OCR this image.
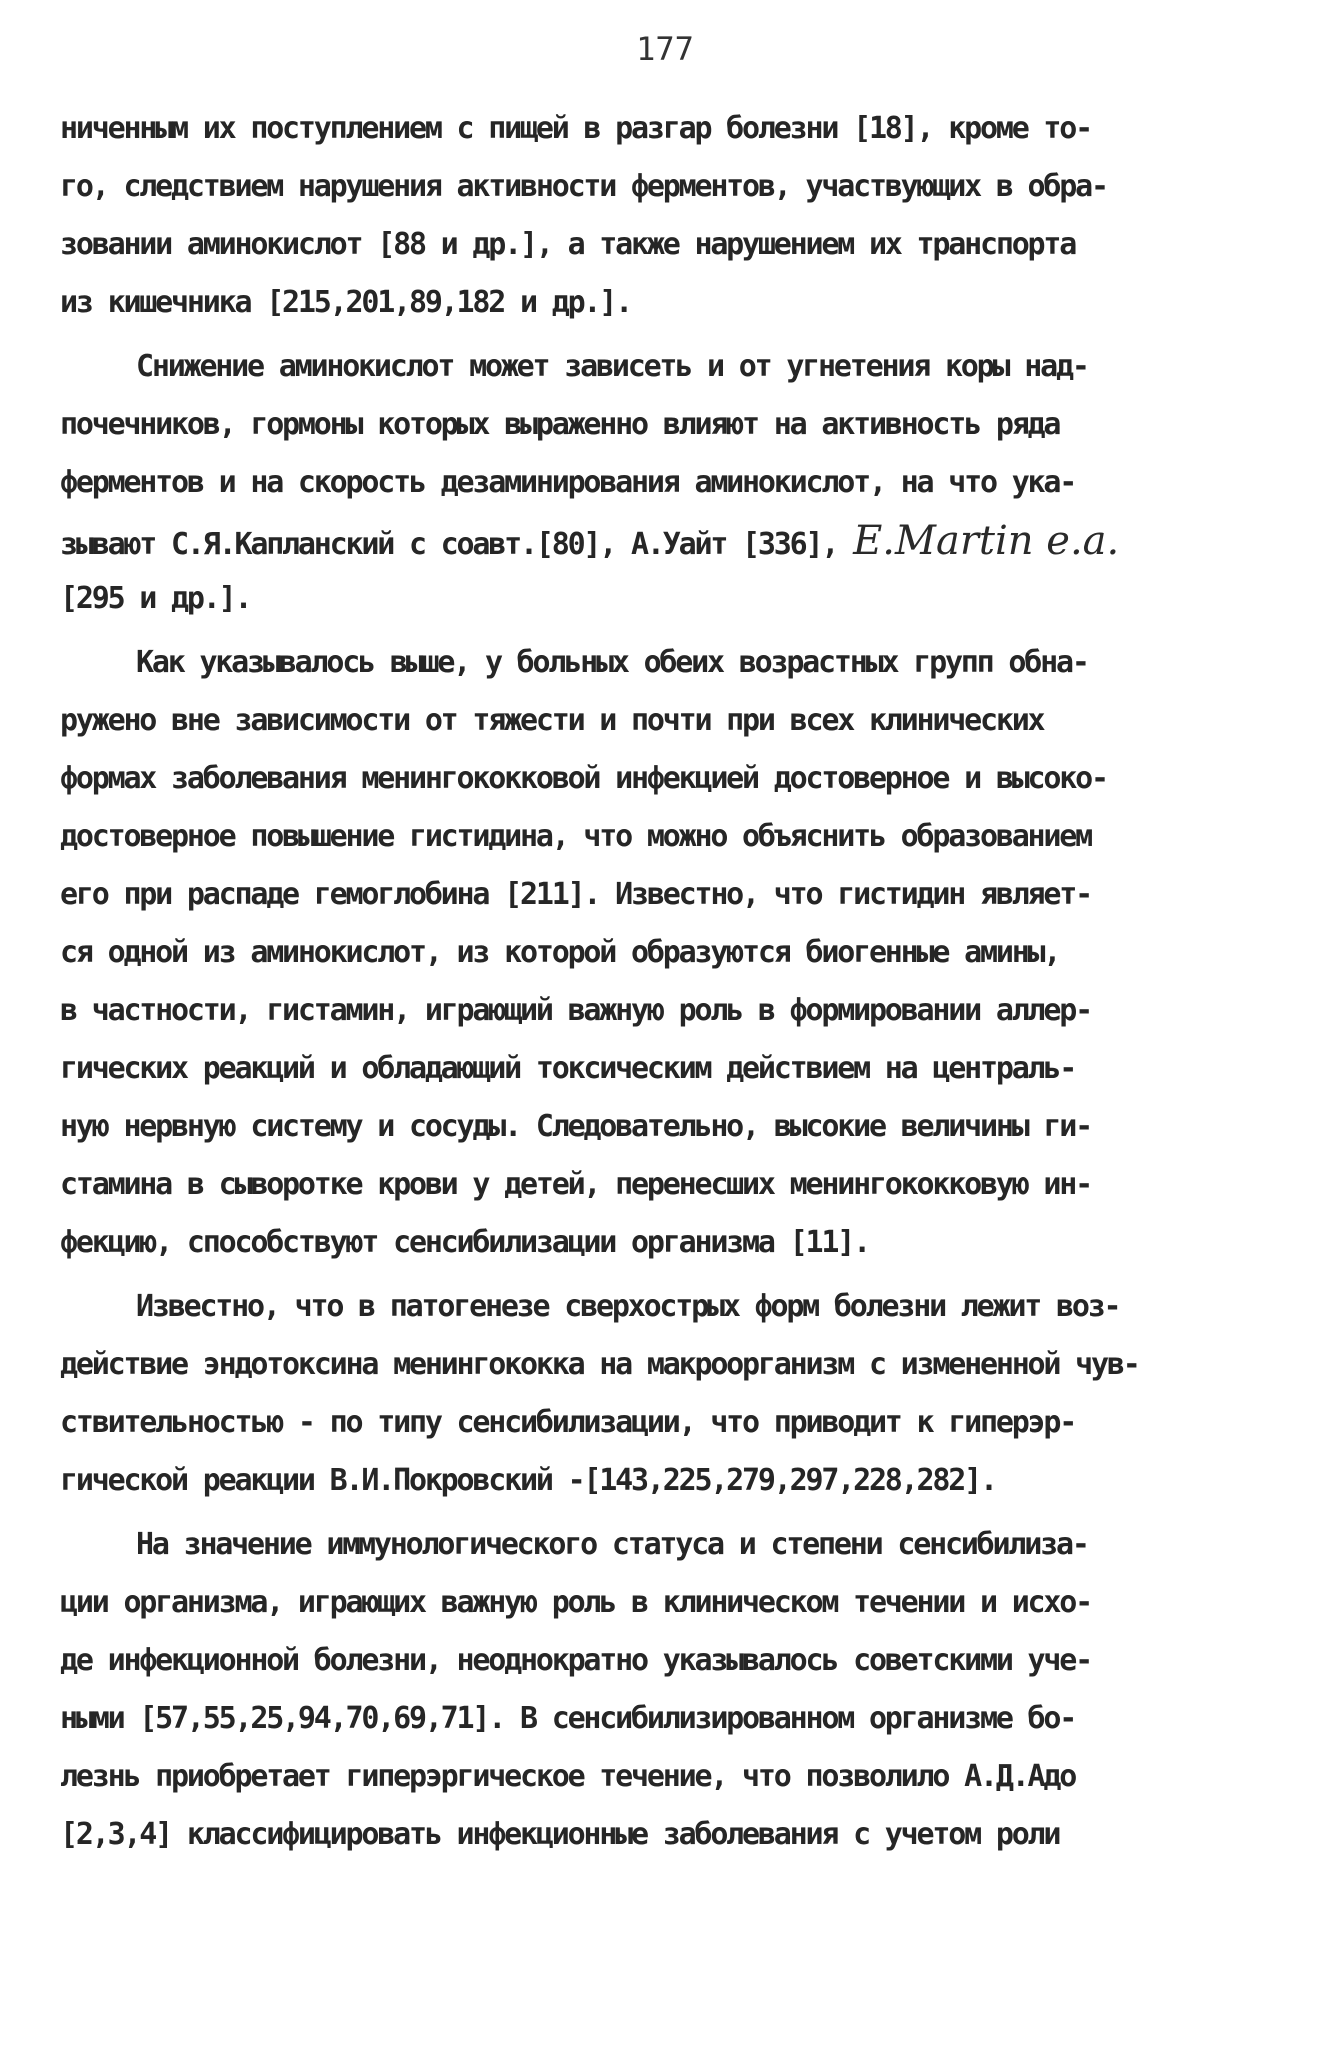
177
ниченным их поступлением с пищей в разгар болезни [18], кроме то-
го, следствием нарушения активности ферментов, участвующих в обра-
зовании аминокислот [88 и др.], а также нарушением их транспорта
из кишечника [215,201,89,182 и др.].
Снижение аминокислот может зависеть и от угнетения коры над-
почечников, гормоны которых выраженно влияют на активность ряда
ферментов и на скорость дезаминирования аминокислот, на что ука-
зывают С.Я.Капланский с соавт.[80], А.Уайт [336], E.Martin e.a.
[295 и др.].
Как указывалось выше, у больных обеих возрастных групп обна-
ружено вне зависимости от тяжести и почти при всех клинических
формах заболевания менингококковой инфекцией достоверное и высоко-
достоверное повышение гистидина, что можно объяснить образованием
его при распаде гемоглобина [211]. Известно, что гистидин являет-
ся одной из аминокислот, из которой образуются биогенные амины,
в частности, гистамин, играющий важную роль в формировании аллер-
гических реакций и обладающий токсическим действием на централь-
ную нервную систему и сосуды. Следовательно, высокие величины ги-
стамина в сыворотке крови у детей, перенесших менингококковую ин-
фекцию, способствуют сенсибилизации организма [11].
Известно, что в патогенезе сверхострых форм болезни лежит воз-
действие эндотоксина менингококка на макроорганизм с измененной чув-
ствительностью - по типу сенсибилизации, что приводит к гиперэр-
гической реакции В.И.Покровский -[143,225,279,297,228,282].
На значение иммунологического статуса и степени сенсибилиза-
ции организма, играющих важную роль в клиническом течении и исхо-
де инфекционной болезни, неоднократно указывалось советскими уче-
ными [57,55,25,94,70,69,71]. В сенсибилизированном организме бо-
лезнь приобретает гиперэргическое течение, что позволило А.Д.Адо
[2,3,4] классифицировать инфекционные заболевания с учетом роли
